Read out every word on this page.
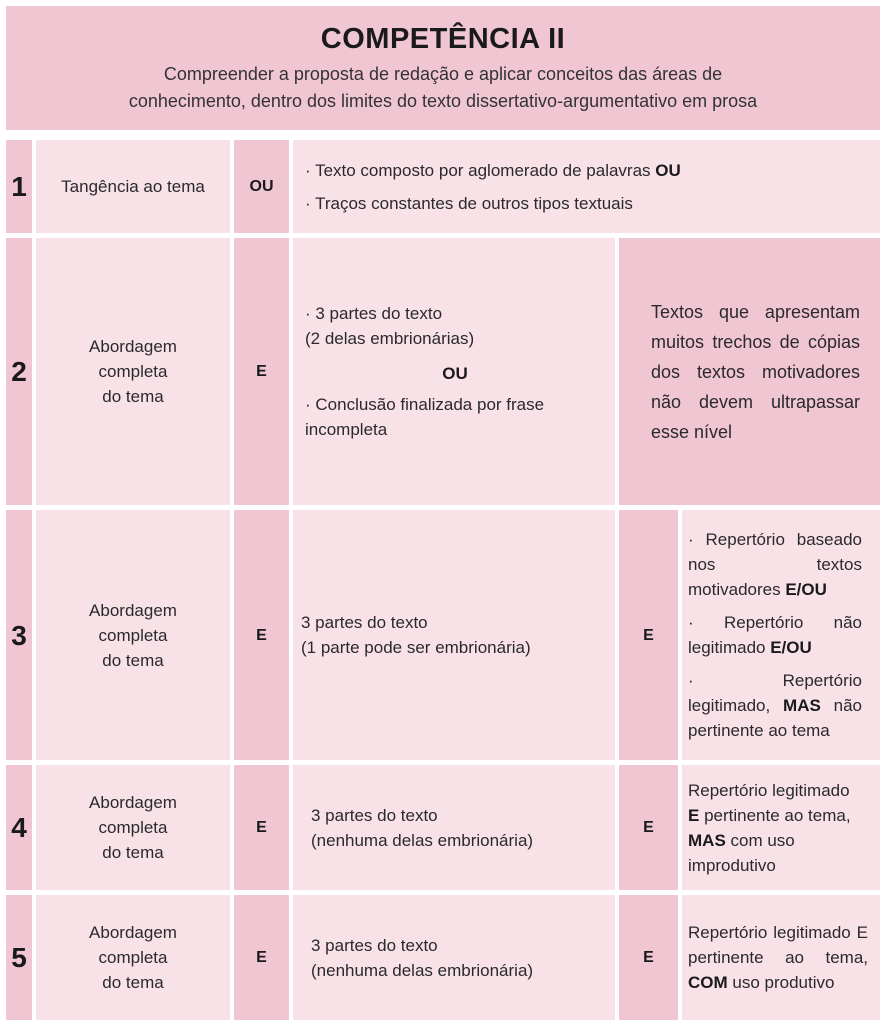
COMPETÊNCIA II
Compreender a proposta de redação e aplicar conceitos das áreas de
conhecimento, dentro dos limites do texto dissertativo-argumentativo em prosa
1 Tangência ao tema	OU
· Texto composto por aglomerado de palavras OU
· Traços constantes de outros tipos textuais
2
Abordagem
completa
do tema
E
· 3 partes do texto
(2 delas embrionárias)
OU
· Conclusão finalizada por frase
incompleta
Textos que apresentam muitos trechos de cópias dos textos motivadores não devem ultrapassar esse nível
3
Abordagem
completa
do tema
E
3 partes do texto
(1 parte pode ser embrionária)
E
· Repertório baseado nos textos motivadores E/OU
· Repertório não legitimado E/OU
· Repertório legitimado, MAS não pertinente ao tema
4
Abordagem
completa
do tema
E
3 partes do texto
(nenhuma delas embrionária)
E
Repertório legitimado E pertinente ao tema, MAS com uso improdutivo
5
Abordagem
completa
do tema
E
3 partes do texto
(nenhuma delas embrionária)
E
Repertório legitimado E pertinente ao tema, COM uso produtivo
